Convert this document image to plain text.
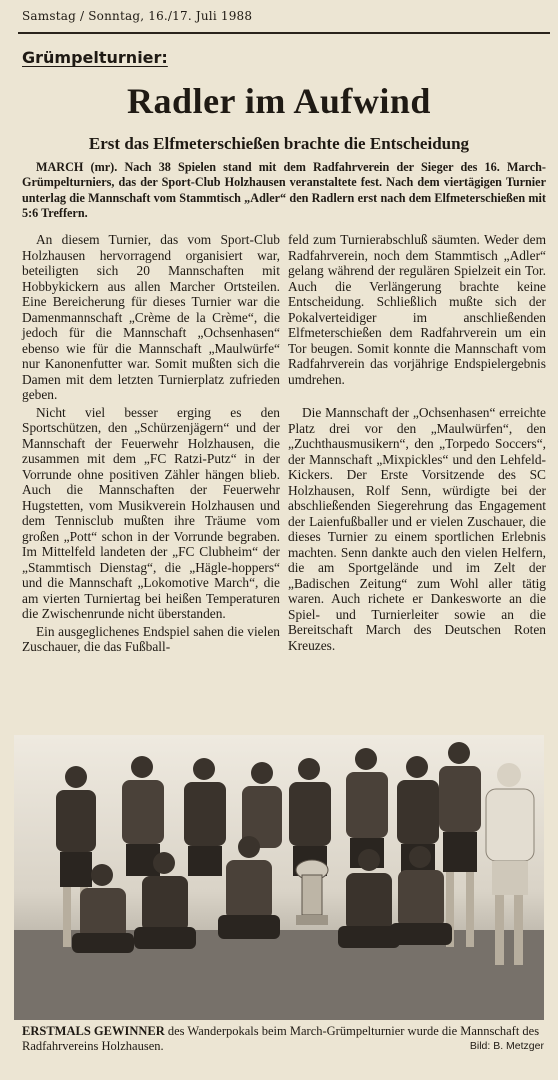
Samstag / Sonntag, 16./17. Juli 1988
Grümpelturnier:
Radler im Aufwind
Erst das Elfmeterschießen brachte die Entscheidung
MARCH (mr). Nach 38 Spielen stand mit dem Radfahrverein der Sieger des 16. March-Grümpelturniers, das der Sport-Club Holzhausen veranstaltete fest. Nach dem viertägigen Turnier unterlag die Mannschaft vom Stammtisch „Adler“ den Radlern erst nach dem Elfmeterschießen mit 5:6 Treffern.

An diesem Turnier, das vom Sport-Club Holzhausen hervorragend organisiert war, beteiligten sich 20 Mannschaften mit Hobbykickern aus allen Marcher Ortsteilen. Eine Bereicherung für dieses Turnier war die Damenmannschaft „Crème de la Crème“, die jedoch für die Mannschaft „Ochsenhasen“ ebenso wie für die Mannschaft „Maulwürfe“ nur Kanonenfutter war. Somit mußten sich die Damen mit dem letzten Turnierplatz zufrieden geben.

Nicht viel besser erging es den Sportschützen, den „Schürzenjägern“ und der Mannschaft der Feuerwehr Holzhausen, die zusammen mit dem „FC Ratzi-Putz“ in der Vorrunde ohne positiven Zähler hängen blieb. Auch die Mannschaften der Feuerwehr Hugstetten, vom Musikverein Holzhausen und dem Tennisclub mußten ihre Träume vom großen „Pott“ schon in der Vorrunde begraben. Im Mittelfeld landeten der „FC Clubheim“ der „Stammtisch Dienstag“, die „Hägle-hoppers“ und die Mannschaft „Lokomotive March“, die am vierten Turniertag bei heißen Temperaturen die Zwischenrunde nicht überstanden.

Ein ausgeglichenes Endspiel sahen die vielen Zuschauer, die das Fußball-

feld zum Turnierabschluß säumten. Weder dem Radfahrverein, noch dem Stammtisch „Adler“ gelang während der regulären Spielzeit ein Tor. Auch die Verlängerung brachte keine Entscheidung. Schließlich mußte sich der Pokalverteidiger im anschließenden Elfmeterschießen dem Radfahrverein um ein Tor beugen. Somit konnte die Mannschaft vom Radfahrverein das vorjährige Endspielergebnis umdrehen.

Die Mannschaft der „Ochsenhasen“ erreichte Platz drei vor den „Maulwürfen“, den „Zuchthausmusikern“, den „Torpedo Soccers“, der Mannschaft „Mixpickles“ und den Lehfeld-Kickers. Der Erste Vorsitzende des SC Holzhausen, Rolf Senn, würdigte bei der abschließenden Siegerehrung das Engagement der Laienfußballer und er vielen Zuschauer, die dieses Turnier zu einem sportlichen Erlebnis machten. Senn dankte auch den vielen Helfern, die am Sportgelände und im Zelt der „Badischen Zeitung“ zum Wohl aller tätig waren. Auch richete er Dankesworte an die Spiel- und Turnierleiter sowie an die Bereitschaft March des Deutschen Roten Kreuzes.

ERSTMALS GEWINNER des Wanderpokals beim March-Grümpelturnier wurde die Mannschaft des Radfahrvereins Holzhausen.	Bild: B. Metzger
